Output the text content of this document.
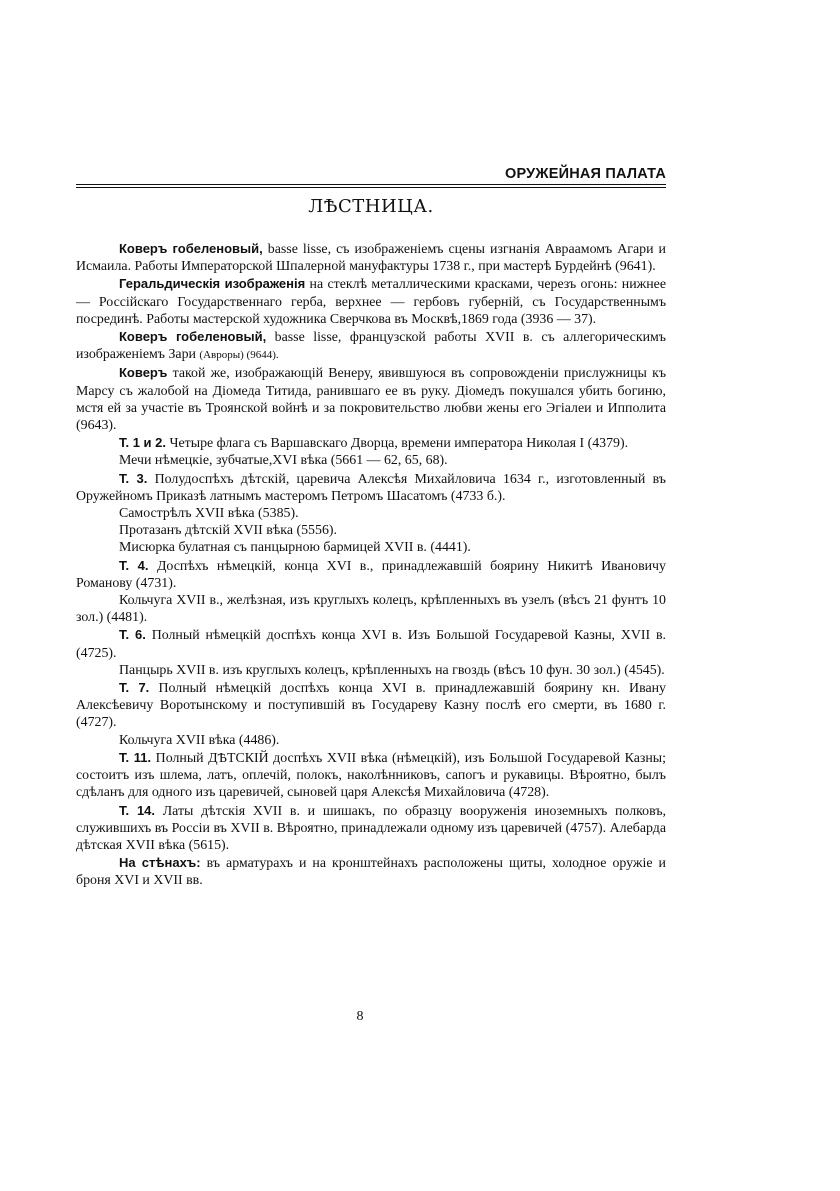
ОРУЖЕЙНАЯ ПАЛАТА
ЛѢСТНИЦА.

Коверъ гобеленовый, basse lisse, съ изображеніемъ сцены изгнанія Авраамомъ Агари и Исмаила. Работы Императорской Шпалерной мануфактуры 1738 г., при мастерѣ Бурдейнѣ (9641).

Геральдическія изображенія на стеклѣ металлическими красками, черезъ огонь: нижнее — Россійскаго Государственнаго герба, верхнее — гербовъ губерній, съ Государственнымъ посрединѣ. Работы мастерской художника Сверчкова въ Москвѣ,1869 года (3936 — 37).

Коверъ гобеленовый, basse lisse, французской работы XVII в. съ аллегорическимъ изображеніемъ Зари (Авроры) (9644).

Коверъ такой же, изображающій Венеру, явившуюся въ сопровожденіи прислужницы къ Марсу съ жалобой на Діомеда Титида, ранившаго ее въ руку. Діомедъ покушался убить богиню, мстя ей за участіе въ Троянской войнѣ и за покровительство любви жены его Эгіалеи и Ипполита (9643).

Т. 1 и 2. Четыре флага съ Варшавскаго Дворца, времени императора Николая I (4379).

Мечи нѣмецкіе, зубчатые,XVI вѣка (5661 — 62, 65, 68).

Т. 3. Полудоспѣхъ дѣтскій, царевича Алексѣя Михайловича 1634 г., изготовленный въ Оружейномъ Приказѣ латнымъ мастеромъ Петромъ Шасатомъ (4733 б.).

Самострѣлъ XVII вѣка (5385).

Протазанъ дѣтскій XVII вѣка (5556).

Мисюрка булатная съ панцырною бармицей XVII в. (4441).

Т. 4. Доспѣхъ нѣмецкій, конца XVI в., принадлежавшій боярину Никитѣ Ивановичу Романову (4731).

Кольчуга XVII в., желѣзная, изъ круглыхъ колецъ, крѣпленныхъ въ узелъ (вѣсъ 21 фунтъ 10 зол.) (4481).

Т. 6. Полный нѣмецкій доспѣхъ конца XVI в. Изъ Большой Государевой Казны, XVII в. (4725).

Панцырь XVII в. изъ круглыхъ колецъ, крѣпленныхъ на гвоздь (вѣсъ 10 фун. 30 зол.) (4545).

Т. 7. Полный нѣмецкій доспѣхъ конца XVI в. принадлежавшій боярину кн. Ивану Алексѣевичу Воротынскому и поступившій въ Государеву Казну послѣ его смерти, въ 1680 г. (4727).

Кольчуга XVII вѣка (4486).

Т. 11. Полный ДѢТСКІЙ доспѣхъ XVII вѣка (нѣмецкій), изъ Большой Государевой Казны; состоитъ изъ шлема, латъ, оплечій, полокъ, наколѣнниковъ, сапогъ и рукавицы. Вѣроятно, былъ сдѣланъ для одного изъ царевичей, сыновей царя Алексѣя Михайловича (4728).

Т. 14. Латы дѣтскія XVII в. и шишакъ, по образцу вооруженія иноземныхъ полковъ, служившихъ въ Россіи въ XVII в. Вѣроятно, принадлежали одному изъ царевичей (4757). Алебарда дѣтская XVII вѣка (5615).

На стѣнахъ: въ арматурахъ и на кронштейнахъ расположены щиты, холодное оружіе и броня XVI и XVII вв.

8
